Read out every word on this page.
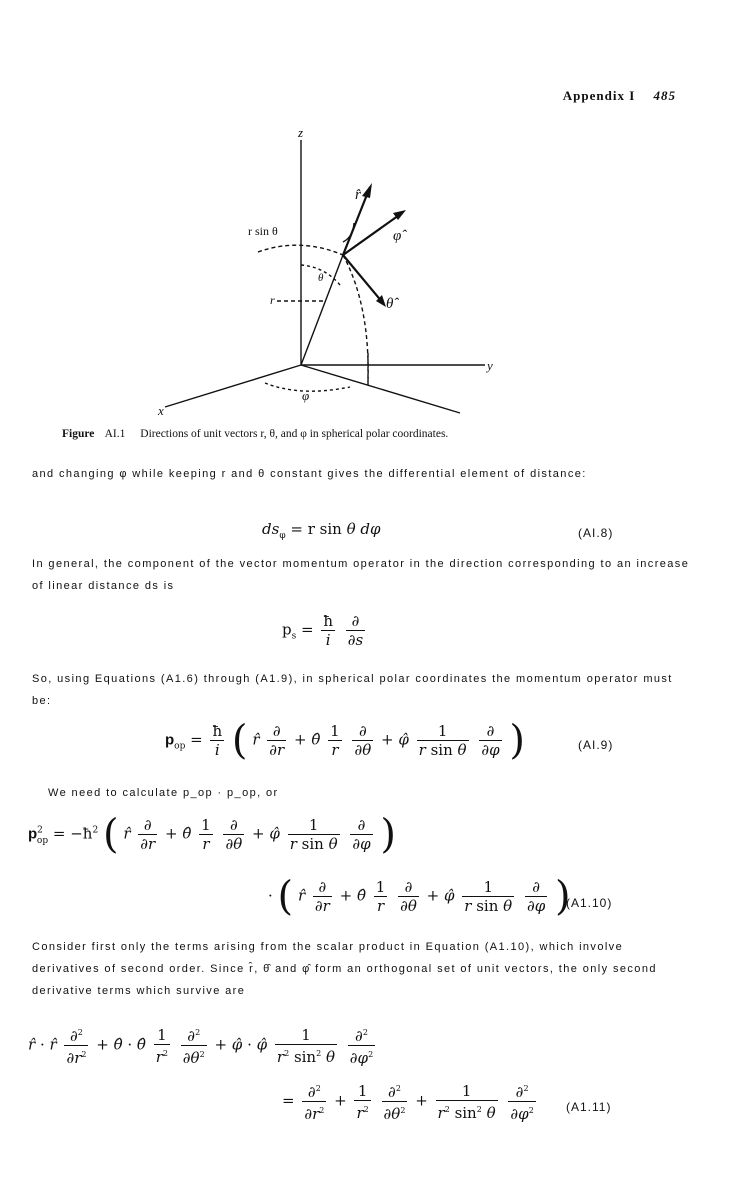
Appendix I 485
z
y
x
r̂
φ̂
θ̂
r sin θ
θ
r
φ
Figure AI.1 Directions of unit vectors r, θ, and φ in spherical polar coordinates.
and changing φ while keeping r and θ constant gives the differential element of distance:
$ds_\varphi = r$ sin θ dφ	(AI.8)
In general, the component of the vector momentum operator in the direction corresponding to an increase of linear distance ds is
$p_s = \frac{ħ}{i}$
$\frac{\partial}{\partial s}$
So, using Equations (A1.6) through (A1.9), in spherical polar coordinates the momentum operator must be:
$p_{op} = \frac{ħ}{i}$ ( r̂ $\frac{\partial}{\partial r}$ + θ̂ $\frac{1}{r}$
$\frac{\partial}{\partial\theta}$ + φ̂ $\frac{1}{\text{r sin θ}}$
$\frac{\partial}{\partial\varphi}$ )	(AI.9)
We need to calculate p_op · p_op, or
$p^2_{op}$ = $-ħ^2$ ( r̂ $\frac{\partial}{\partial r}$ + θ̂ $\frac{1}{r}$
$\frac{\partial}{\partial\theta}$ + φ̂ $\frac{1}{\text{r sin θ}}$
$\frac{\partial}{\partial\varphi}$ )
· ( r̂ $\frac{\partial}{\partial r}$ + θ̂ $\frac{1}{r}$
$\frac{\partial}{\partial\theta}$ + φ̂ $\frac{1}{\text{r sin θ}}$
$\frac{\partial}{\partial\varphi}$ )
(A1.10)
Consider first only the terms arising from the scalar product in Equation (A1.10), which involve derivatives of second order. Since r̂, θ̂ and φ̂ form an orthogonal set of unit vectors, the only second derivative terms which survive are
r̂ · r̂ $\frac{\partial^2}{\partial r^2}$ + θ̂ · θ̂ $\frac{1}{r^2}$
$\frac{\partial^2}{\partial\theta^2}$ + φ̂ · φ̂ $\frac{1}{r^2 \sin^2 \theta}$
$\frac{\partial^2}{\partial\varphi^2}$
= $\frac{\partial^2}{\partial r^2} + \frac{1}{r^2}$
$\frac{\partial^2}{\partial\theta^2} + \frac{1}{r^2 \sin^2 \theta}$
$\frac{\partial^2}{\partial\varphi^2}$	(A1.11)
